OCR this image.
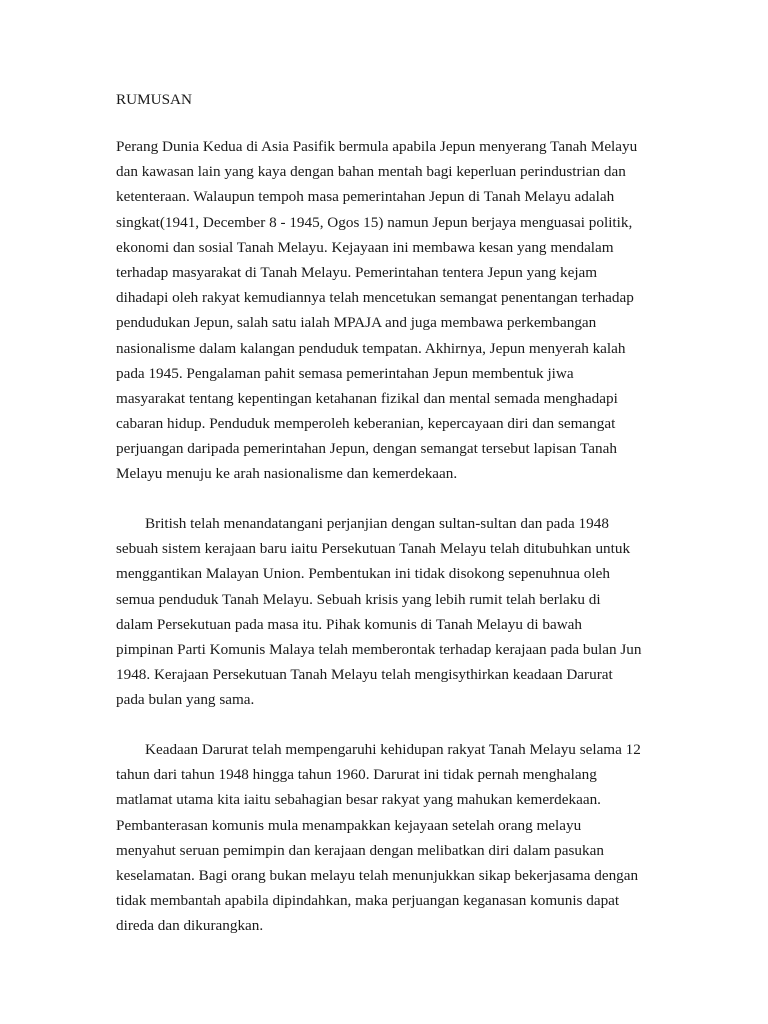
RUMUSAN
Perang Dunia Kedua di Asia Pasifik bermula apabila Jepun menyerang Tanah Melayu
dan kawasan lain yang kaya dengan bahan mentah bagi keperluan perindustrian dan
ketenteraan. Walaupun tempoh masa pemerintahan Jepun di Tanah Melayu adalah
singkat(1941, December 8 - 1945, Ogos 15) namun Jepun berjaya menguasai politik,
ekonomi dan sosial Tanah Melayu. Kejayaan ini membawa kesan yang mendalam
terhadap masyarakat di Tanah Melayu. Pemerintahan tentera Jepun yang kejam
dihadapi oleh rakyat kemudiannya telah mencetukan semangat penentangan terhadap
pendudukan Jepun, salah satu ialah MPAJA and juga membawa perkembangan
nasionalisme dalam kalangan penduduk tempatan. Akhirnya, Jepun menyerah kalah
pada 1945. Pengalaman pahit semasa pemerintahan Jepun membentuk jiwa
masyarakat tentang kepentingan ketahanan fizikal dan mental semada menghadapi
cabaran hidup. Penduduk memperoleh keberanian, kepercayaan diri dan semangat
perjuangan daripada pemerintahan Jepun, dengan semangat tersebut lapisan Tanah
Melayu menuju ke arah nasionalisme dan kemerdekaan.
British telah menandatangani perjanjian dengan sultan-sultan dan pada 1948
sebuah sistem kerajaan baru iaitu Persekutuan Tanah Melayu telah ditubuhkan untuk
menggantikan Malayan Union. Pembentukan ini tidak disokong sepenuhnua oleh
semua penduduk Tanah Melayu. Sebuah krisis yang lebih rumit telah berlaku di
dalam Persekutuan pada masa itu. Pihak komunis di Tanah Melayu di bawah
pimpinan Parti Komunis Malaya telah memberontak terhadap kerajaan pada bulan Jun
1948. Kerajaan Persekutuan Tanah Melayu telah mengisythirkan keadaan Darurat
pada bulan yang sama.
Keadaan Darurat telah mempengaruhi kehidupan rakyat Tanah Melayu selama 12
tahun dari tahun 1948 hingga tahun 1960. Darurat ini tidak pernah menghalang
matlamat utama kita iaitu sebahagian besar rakyat yang mahukan kemerdekaan.
Pembanterasan komunis mula menampakkan kejayaan setelah orang melayu
menyahut seruan pemimpin dan kerajaan dengan melibatkan diri dalam pasukan
keselamatan. Bagi orang bukan melayu telah menunjukkan sikap bekerjasama dengan
tidak membantah apabila dipindahkan, maka perjuangan keganasan komunis dapat
direda dan dikurangkan.
